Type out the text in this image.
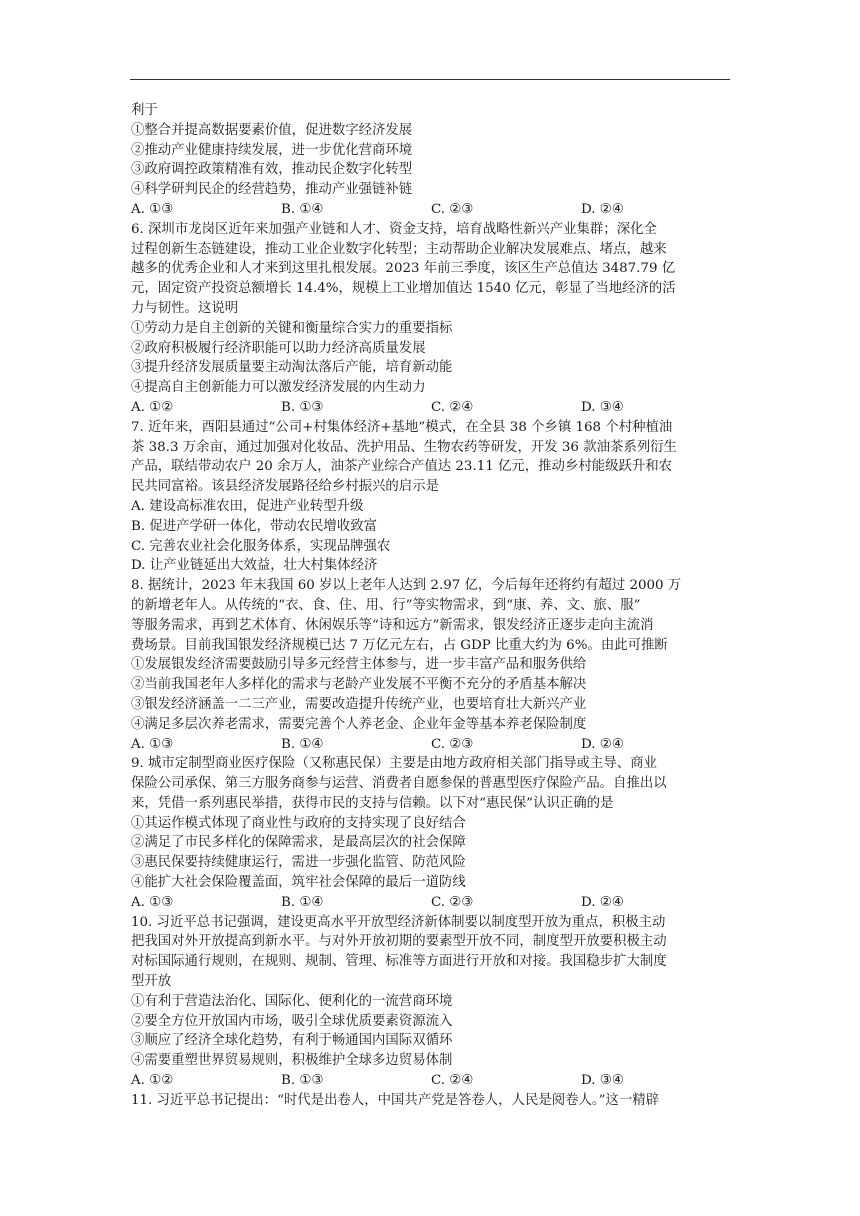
利于
①整合并提高数据要素价值，促进数字经济发展
②推动产业健康持续发展，进一步优化营商环境
③政府调控政策精准有效，推动民企数字化转型
④科学研判民企的经营趋势，推动产业强链补链
A. ①③	B. ①④	C. ②③	D. ②④
6. 深圳市龙岗区近年来加强产业链和人才、资金支持，培育战略性新兴产业集群；深化全
过程创新生态链建设，推动工业企业数字化转型；主动帮助企业解决发展难点、堵点，越来
越多的优秀企业和人才来到这里扎根发展。2023 年前三季度，该区生产总值达 3487.79 亿
元，固定资产投资总额增长 14.4%，规模上工业增加值达 1540 亿元，彰显了当地经济的活
力与韧性。这说明
①劳动力是自主创新的关键和衡量综合实力的重要指标
②政府积极履行经济职能可以助力经济高质量发展
③提升经济发展质量要主动淘汰落后产能，培育新动能
④提高自主创新能力可以激发经济发展的内生动力
A. ①②	B. ①③	C. ②④	D. ③④
7. 近年来，酉阳县通过“公司+村集体经济+基地”模式，在全县 38 个乡镇 168 个村种植油
茶 38.3 万余亩，通过加强对化妆品、洗护用品、生物农药等研发，开发 36 款油茶系列衍生
产品，联结带动农户 20 余万人，油茶产业综合产值达 23.11 亿元，推动乡村能级跃升和农
民共同富裕。该县经济发展路径给乡村振兴的启示是
A. 建设高标准农田，促进产业转型升级
B. 促进产学研一体化，带动农民增收致富
C. 完善农业社会化服务体系，实现品牌强农
D. 让产业链延出大效益，壮大村集体经济
8. 据统计，2023 年末我国 60 岁以上老年人达到 2.97 亿，今后每年还将约有超过 2000 万
的新增老年人。从传统的“衣、食、住、用、行”等实物需求，到“康、养、文、旅、服”
等服务需求，再到艺术体育、休闲娱乐等“诗和远方”新需求，银发经济正逐步走向主流消
费场景。目前我国银发经济规模已达 7 万亿元左右，占 GDP 比重大约为 6%。由此可推断
①发展银发经济需要鼓励引导多元经营主体参与，进一步丰富产品和服务供给
②当前我国老年人多样化的需求与老龄产业发展不平衡不充分的矛盾基本解决
③银发经济涵盖一二三产业，需要改造提升传统产业，也要培育壮大新兴产业
④满足多层次养老需求，需要完善个人养老金、企业年金等基本养老保险制度
A. ①③	B. ①④	C. ②③	D. ②④
9. 城市定制型商业医疗保险（又称惠民保）主要是由地方政府相关部门指导或主导、商业
保险公司承保、第三方服务商参与运营、消费者自愿参保的普惠型医疗保险产品。自推出以
来，凭借一系列惠民举措，获得市民的支持与信赖。以下对“惠民保”认识正确的是
①其运作模式体现了商业性与政府的支持实现了良好结合
②满足了市民多样化的保障需求，是最高层次的社会保障
③惠民保要持续健康运行，需进一步强化监管、防范风险
④能扩大社会保险覆盖面，筑牢社会保障的最后一道防线
A. ①③	B. ①④	C. ②③	D. ②④
10. 习近平总书记强调，建设更高水平开放型经济新体制要以制度型开放为重点，积极主动
把我国对外开放提高到新水平。与对外开放初期的要素型开放不同，制度型开放要积极主动
对标国际通行规则，在规则、规制、管理、标准等方面进行开放和对接。我国稳步扩大制度
型开放
①有利于营造法治化、国际化、便利化的一流营商环境
②要全方位开放国内市场，吸引全球优质要素资源流入
③顺应了经济全球化趋势，有利于畅通国内国际双循环
④需要重塑世界贸易规则，积极维护全球多边贸易体制
A. ①②	B. ①③	C. ②④	D. ③④
11. 习近平总书记提出：“时代是出卷人，中国共产党是答卷人，人民是阅卷人。”这一精辟
